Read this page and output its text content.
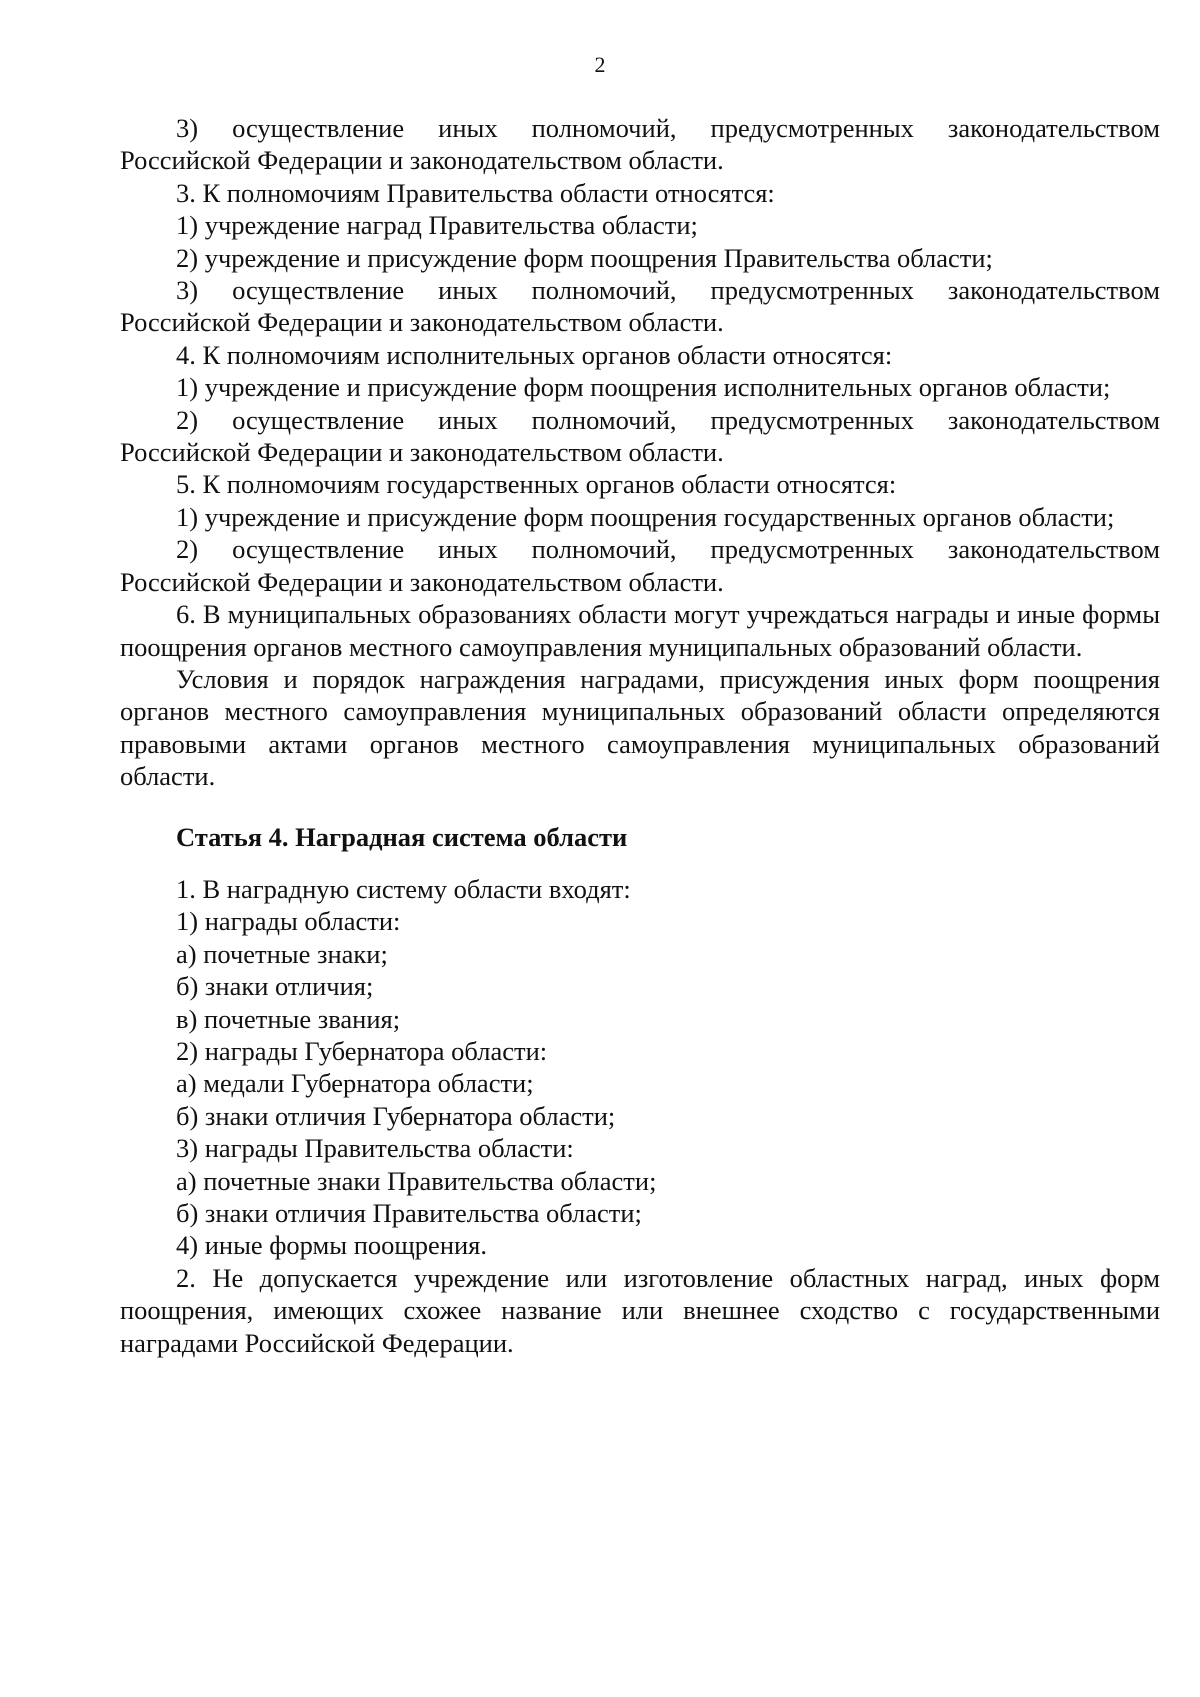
2

3) осуществление иных полномочий, предусмотренных законодательством Российской Федерации и законодательством области.

3. К полномочиям Правительства области относятся:

1) учреждение наград Правительства области;

2) учреждение и присуждение форм поощрения Правительства области;

3) осуществление иных полномочий, предусмотренных законодательством Российской Федерации и законодательством области.

4. К полномочиям исполнительных органов области относятся:

1) учреждение и присуждение форм поощрения исполнительных органов области;

2) осуществление иных полномочий, предусмотренных законодательством Российской Федерации и законодательством области.

5. К полномочиям государственных органов области относятся:

1) учреждение и присуждение форм поощрения государственных органов области;

2) осуществление иных полномочий, предусмотренных законодательством Российской Федерации и законодательством области.

6. В муниципальных образованиях области могут учреждаться награды и иные формы поощрения органов местного самоуправления муниципальных образований области.

Условия и порядок награждения наградами, присуждения иных форм поощрения органов местного самоуправления муниципальных образований области определяются правовыми актами органов местного самоуправления муниципальных образований области.

Статья 4. Наградная система области

1. В наградную систему области входят:

1) награды области:

а) почетные знаки;

б) знаки отличия;

в) почетные звания;

2) награды Губернатора области:

а) медали Губернатора области;

б) знаки отличия Губернатора области;

3) награды Правительства области:

а) почетные знаки Правительства области;

б) знаки отличия Правительства области;

4) иные формы поощрения.

2. Не допускается учреждение или изготовление областных наград, иных форм поощрения, имеющих схожее название или внешнее сходство с государственными наградами Российской Федерации.
